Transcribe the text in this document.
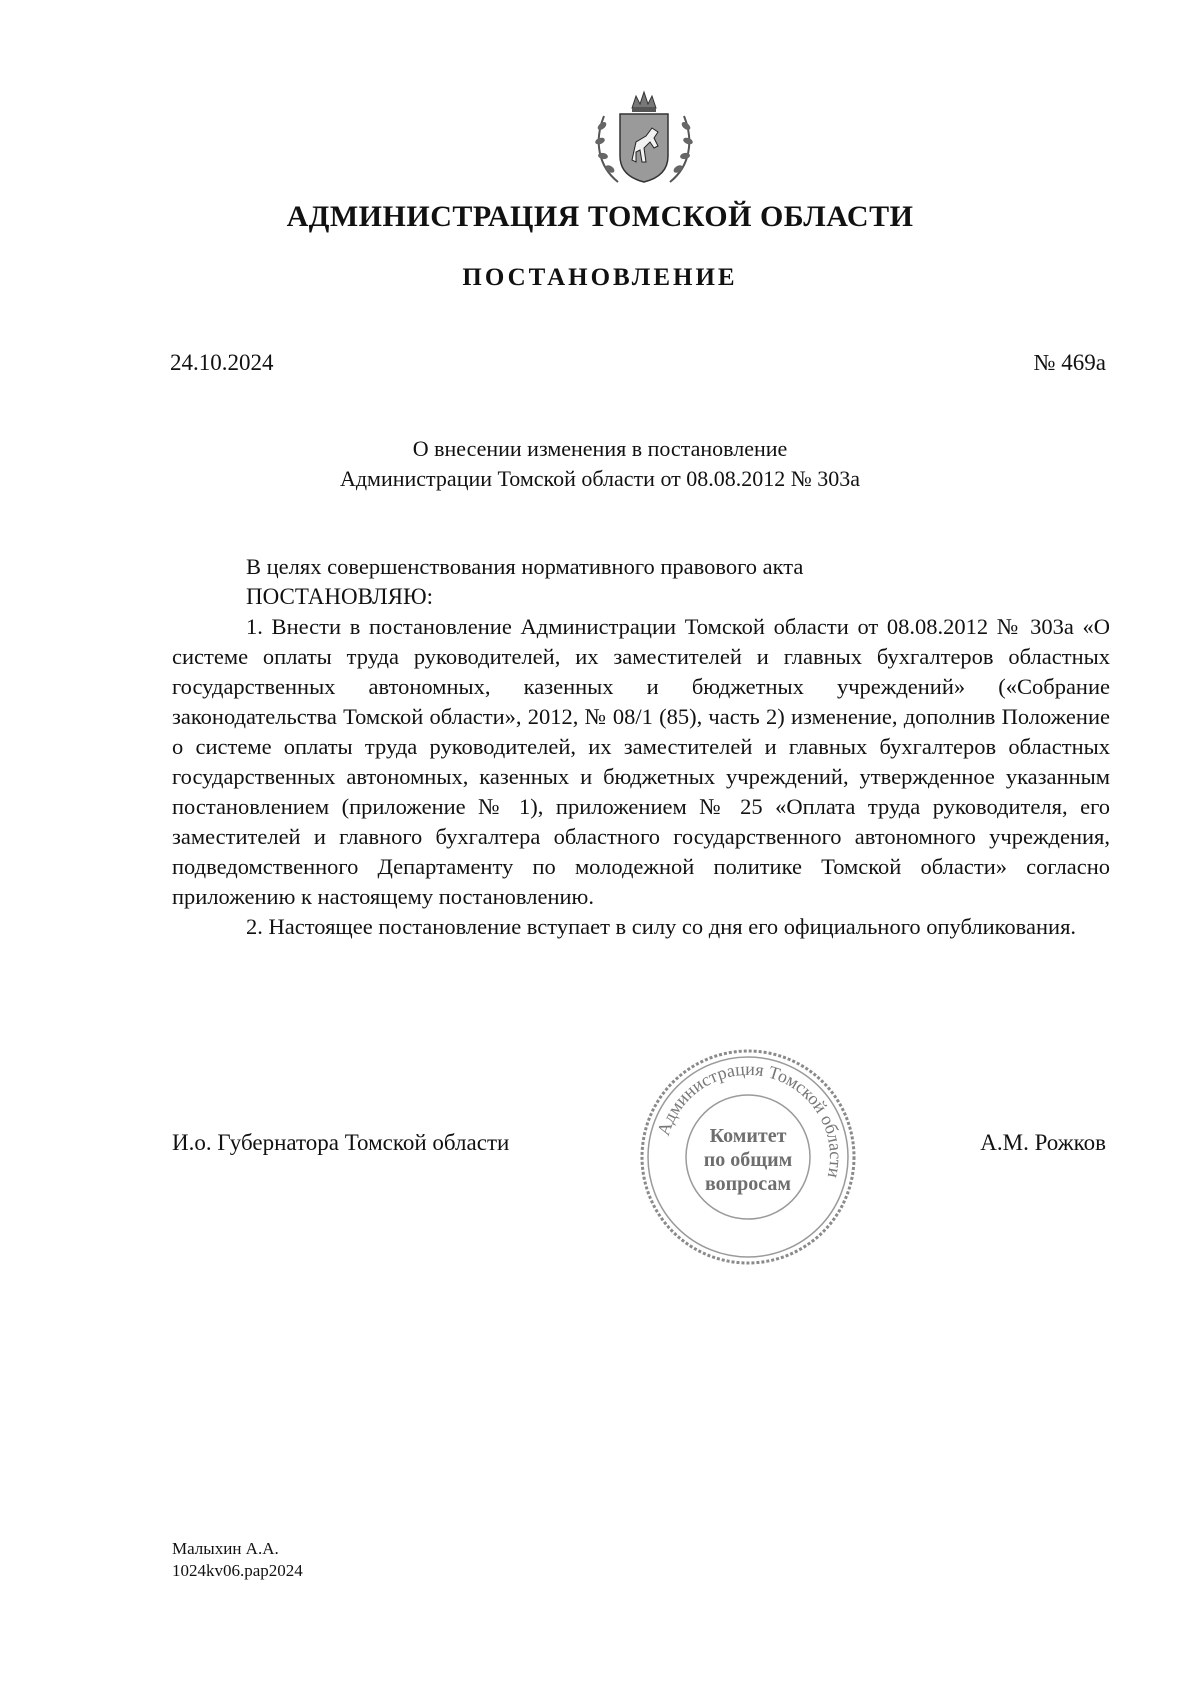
АДМИНИСТРАЦИЯ ТОМСКОЙ ОБЛАСТИ
ПОСТАНОВЛЕНИЕ
24.10.2024	№ 469а
О внесении изменения в постановление
Администрации Томской области от 08.08.2012 № 303а

В целях совершенствования нормативного правового акта

ПОСТАНОВЛЯЮ:

1. Внести в постановление Администрации Томской области от 08.08.2012 № 303а «О системе оплаты труда руководителей, их заместителей и главных бухгалтеров областных государственных автономных, казенных и бюджетных учреждений» («Собрание законодательства Томской области», 2012, № 08/1 (85), часть 2) изменение, дополнив Положение о системе оплаты труда руководителей, их заместителей и главных бухгалтеров областных государственных автономных, казенных и бюджетных учреждений, утвержденное указанным постановлением (приложение № 1), приложением № 25 «Оплата труда руководителя, его заместителей и главного бухгалтера областного государственного автономного учреждения, подведомственного Департаменту по молодежной политике Томской области» согласно приложению к настоящему постановлению.

2. Настоящее постановление вступает в силу со дня его официального опубликования.

И.о. Губернатора Томской области	А.М. Рожков
Администрация Томской области
Комитет
по общим
вопросам
Малыхин А.А.
1024kv06.pap2024
